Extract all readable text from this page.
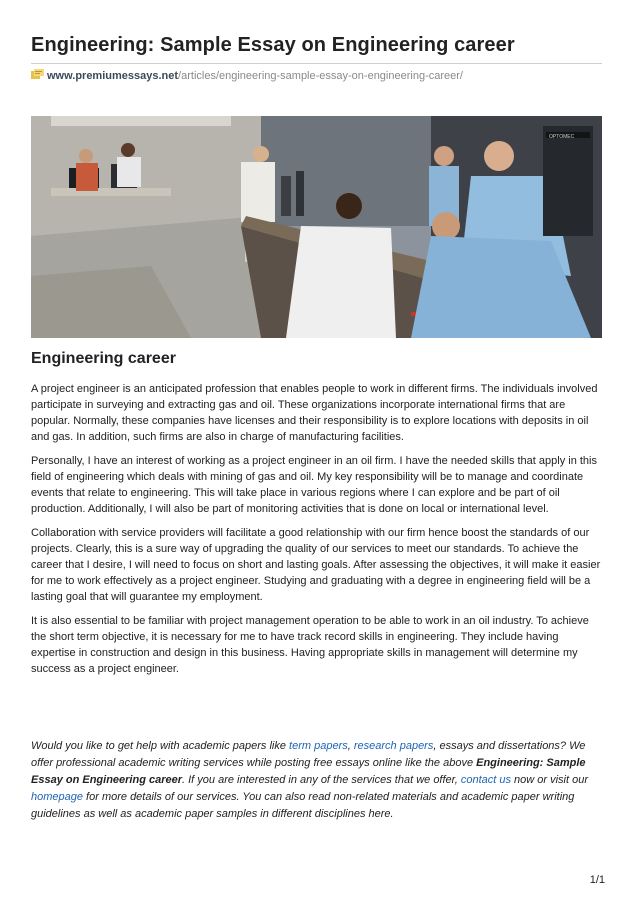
Engineering: Sample Essay on Engineering career
www.premiumessays.net/articles/engineering-sample-essay-on-engineering-career/
OPTOMEC
Engineering career

A project engineer is an anticipated profession that enables people to work in different firms. The individuals involved participate in surveying and extracting gas and oil. These organizations incorporate international firms that are popular. Normally, these companies have licenses and their responsibility is to explore locations with deposits in oil and gas. In addition, such firms are also in charge of manufacturing facilities.

Personally, I have an interest of working as a project engineer in an oil firm. I have the needed skills that apply in this field of engineering which deals with mining of gas and oil. My key responsibility will be to manage and coordinate events that relate to engineering. This will take place in various regions where I can explore and be part of oil production. Additionally, I will also be part of monitoring activities that is done on local or international level.

Collaboration with service providers will facilitate a good relationship with our firm hence boost the standards of our projects. Clearly, this is a sure way of upgrading the quality of our services to meet our standards. To achieve the career that I desire, I will need to focus on short and lasting goals. After assessing the objectives, it will make it easier for me to work effectively as a project engineer. Studying and graduating with a degree in engineering field will be a lasting goal that will guarantee my employment.

It is also essential to be familiar with project management operation to be able to work in an oil industry. To achieve the short term objective, it is necessary for me to have track record skills in engineering. They include having expertise in construction and design in this business. Having appropriate skills in management will determine my success as a project engineer.

Would you like to get help with academic papers like term papers, research papers, essays and dissertations? We offer professional academic writing services while posting free essays online like the above Engineering: Sample Essay on Engineering career. If you are interested in any of the services that we offer, contact us now or visit our homepage for more details of our services. You can also read non-related materials and academic paper writing guidelines as well as academic paper samples in different disciplines here.
1/1
